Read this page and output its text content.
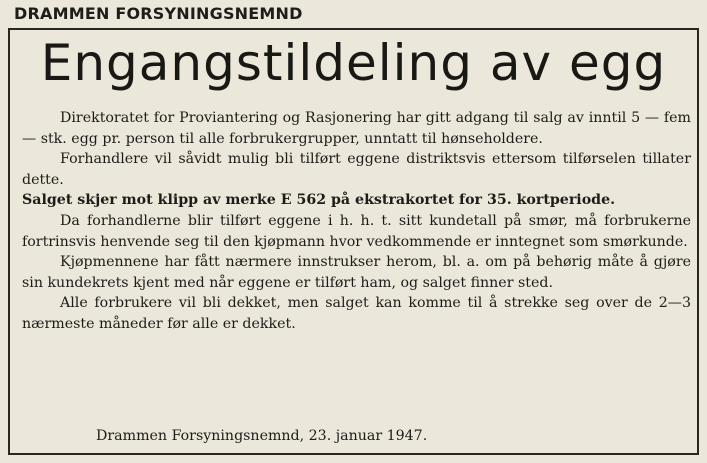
DRAMMEN FORSYNINGSNEMND
Engangstildeling av egg

Direktoratet for Proviantering og Rasjonering har gitt adgang til salg av inntil 5 — fem — stk. egg pr. person til alle forbrukergrupper, unntatt til hønseholdere.

Forhandlere vil såvidt mulig bli tilført eggene distriktsvis ettersom tilførselen tillater dette.

Salget skjer mot klipp av merke E 562 på ekstrakortet for 35. kortperiode.

Da forhandlerne blir tilført eggene i h. h. t. sitt kundetall på smør, må forbrukerne fortrinsvis henvende seg til den kjøpmann hvor vedkommende er inntegnet som smørkunde.

Kjøpmennene har fått nærmere innstrukser herom, bl. a. om på behørig måte å gjøre sin kundekrets kjent med når eggene er tilført ham, og salget finner sted.

Alle forbrukere vil bli dekket, men salget kan komme til å strekke seg over de 2—3 nærmeste måneder før alle er dekket.

Drammen Forsyningsnemnd, 23. januar 1947.
